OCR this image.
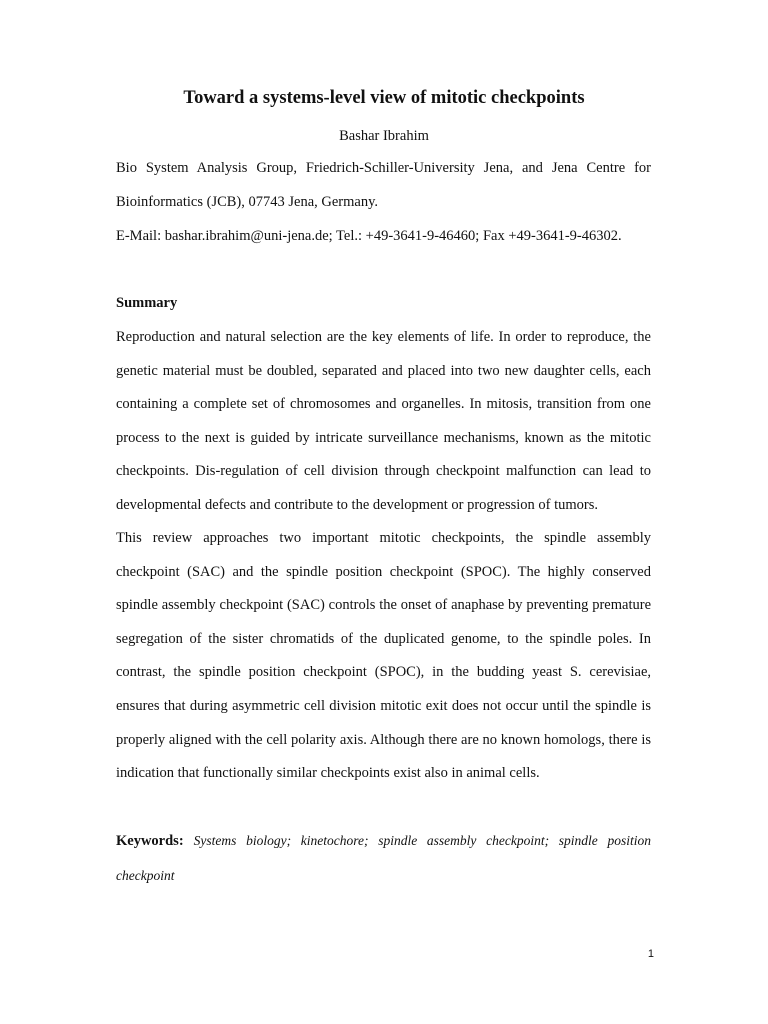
Toward a systems-level view of mitotic checkpoints
Bashar Ibrahim
Bio System Analysis Group, Friedrich-Schiller-University Jena, and Jena Centre for Bioinformatics (JCB), 07743 Jena, Germany.
E-Mail: bashar.ibrahim@uni-jena.de; Tel.: +49-3641-9-46460; Fax +49-3641-9-46302.
Summary
Reproduction and natural selection are the key elements of life. In order to reproduce, the genetic material must be doubled, separated and placed into two new daughter cells, each containing a complete set of chromosomes and organelles. In mitosis, transition from one process to the next is guided by intricate surveillance mechanisms, known as the mitotic checkpoints. Dis-regulation of cell division through checkpoint malfunction can lead to developmental defects and contribute to the development or progression of tumors.
This review approaches two important mitotic checkpoints, the spindle assembly checkpoint (SAC) and the spindle position checkpoint (SPOC). The highly conserved spindle assembly checkpoint (SAC) controls the onset of anaphase by preventing premature segregation of the sister chromatids of the duplicated genome, to the spindle poles. In contrast, the spindle position checkpoint (SPOC), in the budding yeast S. cerevisiae, ensures that during asymmetric cell division mitotic exit does not occur until the spindle is properly aligned with the cell polarity axis. Although there are no known homologs, there is indication that functionally similar checkpoints exist also in animal cells.
Keywords: Systems biology; kinetochore; spindle assembly checkpoint; spindle position checkpoint
1
